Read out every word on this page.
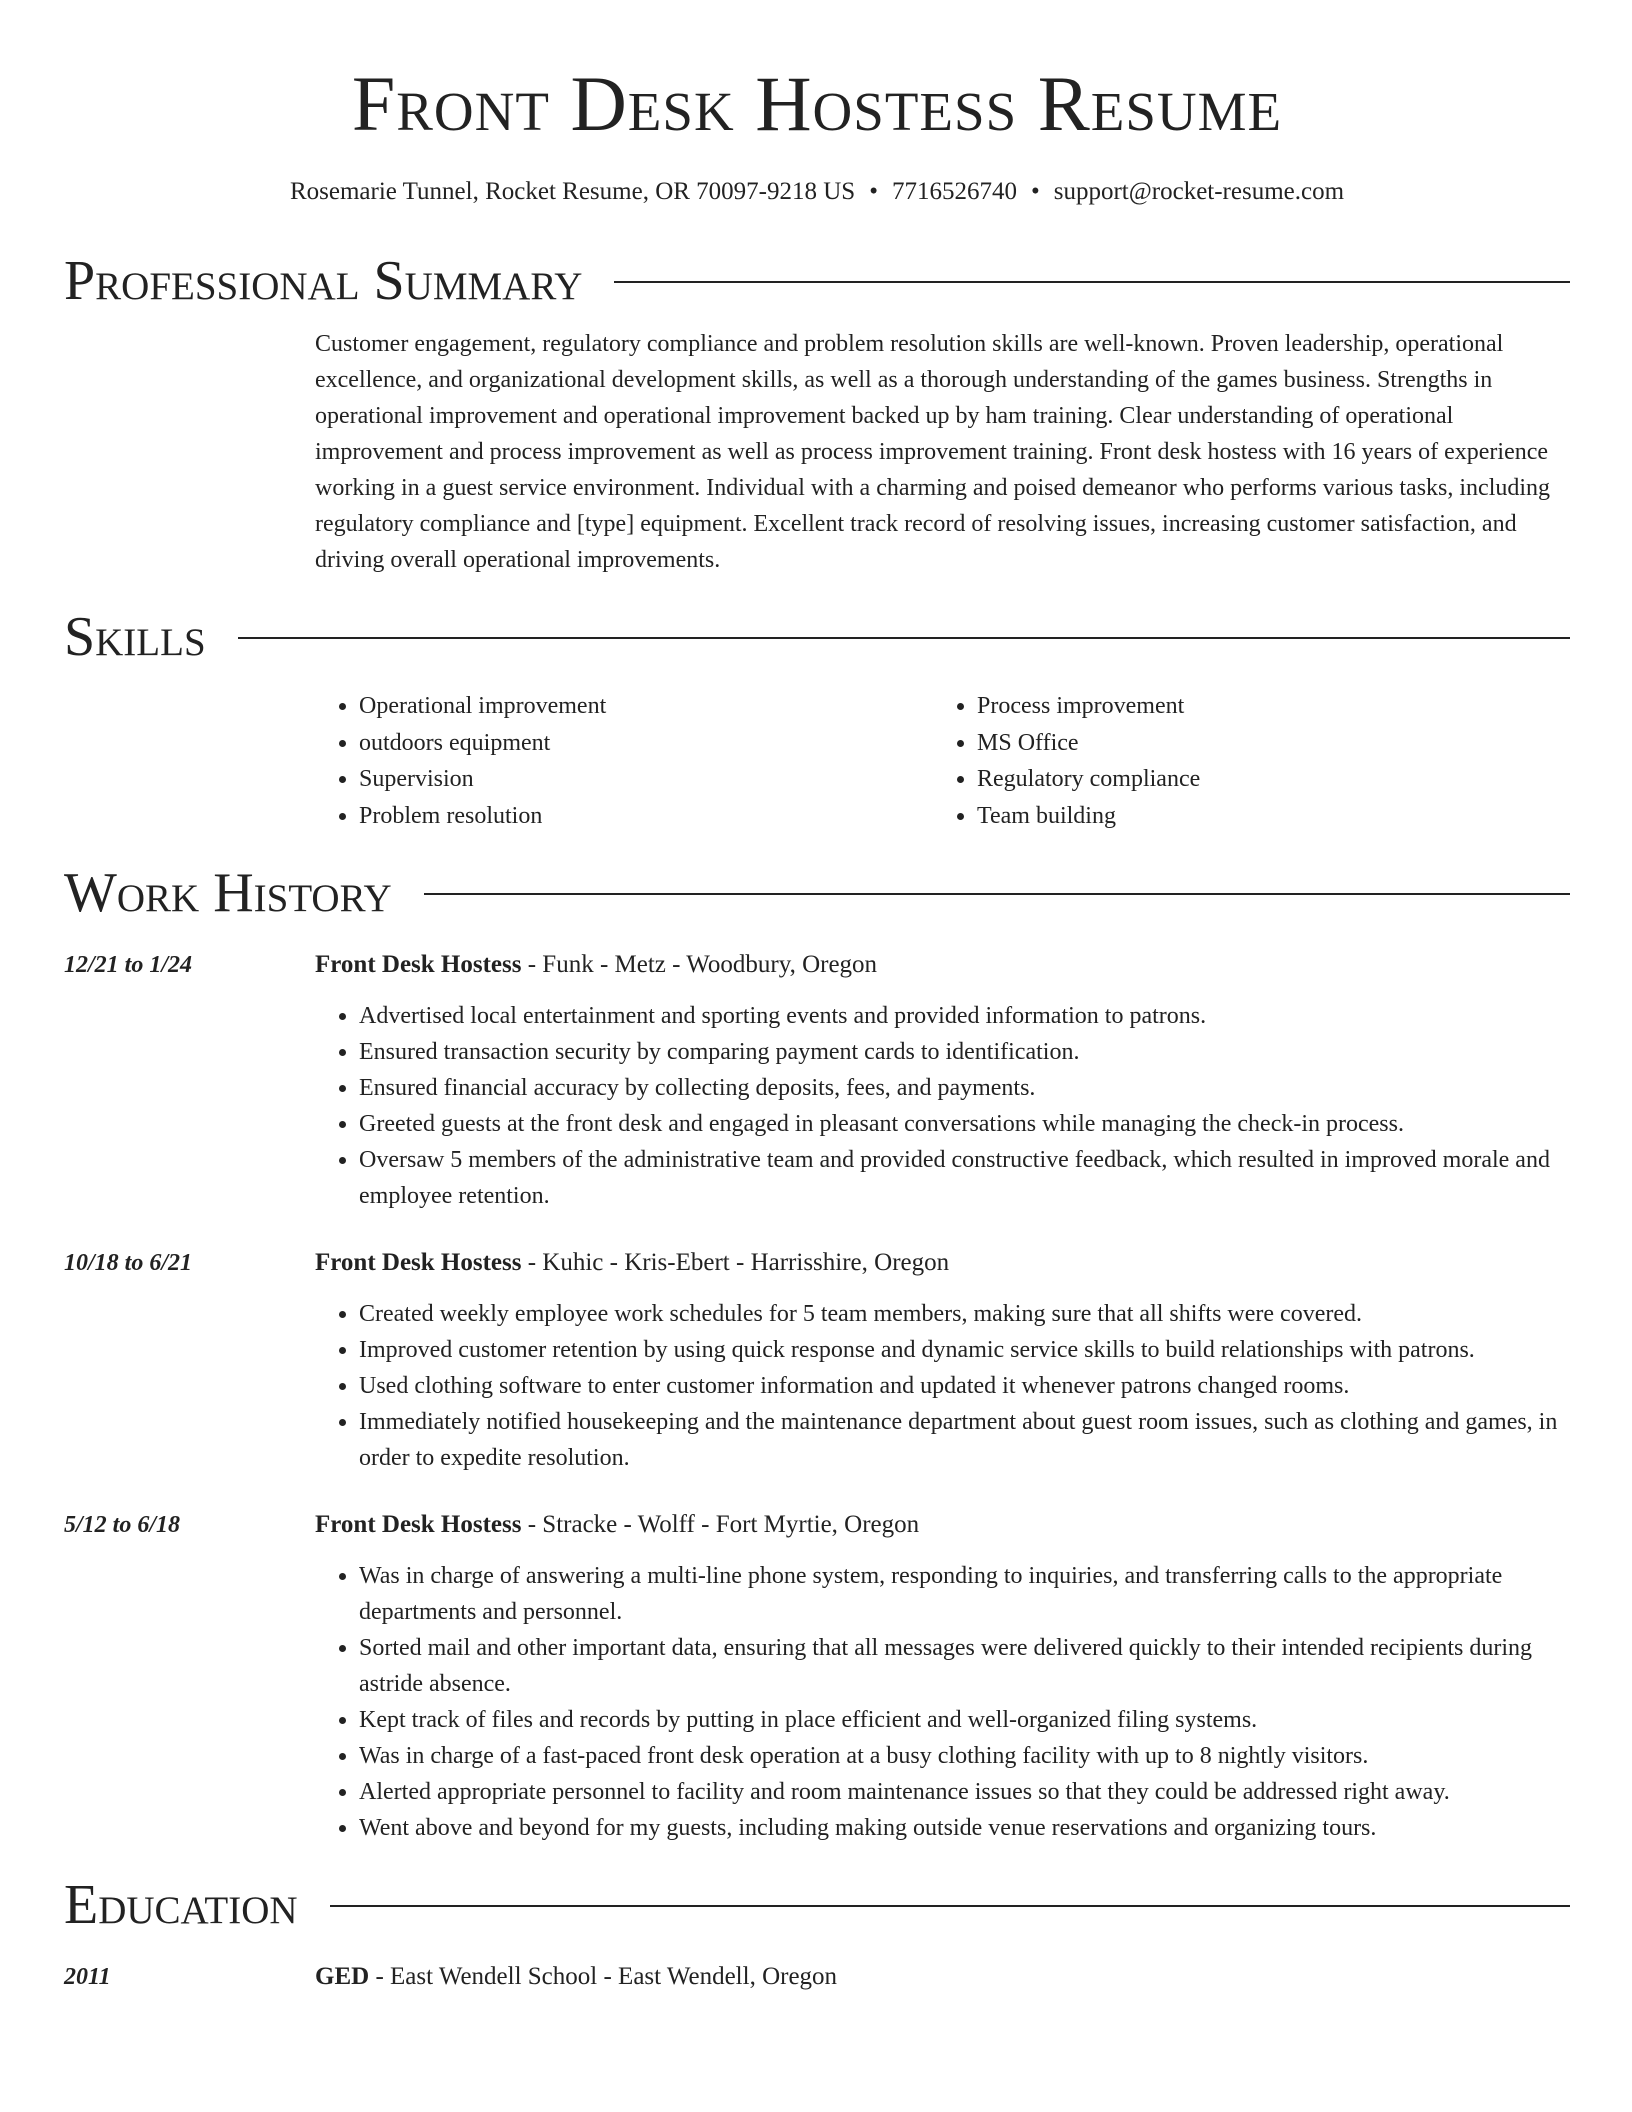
Front Desk Hostess Resume
Rosemarie Tunnel, Rocket Resume, OR 70097-9218 US • 7716526740 • support@rocket-resume.com
Professional Summary
Customer engagement, regulatory compliance and problem resolution skills are well-known. Proven leadership, operational excellence, and organizational development skills, as well as a thorough understanding of the games business. Strengths in operational improvement and operational improvement backed up by ham training. Clear understanding of operational improvement and process improvement as well as process improvement training. Front desk hostess with 16 years of experience working in a guest service environment. Individual with a charming and poised demeanor who performs various tasks, including regulatory compliance and [type] equipment. Excellent track record of resolving issues, increasing customer satisfaction, and driving overall operational improvements.
Skills
• Operational improvement
• outdoors equipment
• Supervision
• Problem resolution
• Process improvement
• MS Office
• Regulatory compliance
• Team building
Work History
12/21 to 1/24	Front Desk Hostess - Funk - Metz - Woodbury, Oregon
• Advertised local entertainment and sporting events and provided information to patrons.
• Ensured transaction security by comparing payment cards to identification.
• Ensured financial accuracy by collecting deposits, fees, and payments.
• Greeted guests at the front desk and engaged in pleasant conversations while managing the check-in process.
• Oversaw 5 members of the administrative team and provided constructive feedback, which resulted in improved morale and employee retention.
10/18 to 6/21	Front Desk Hostess - Kuhic - Kris-Ebert - Harrisshire, Oregon
• Created weekly employee work schedules for 5 team members, making sure that all shifts were covered.
• Improved customer retention by using quick response and dynamic service skills to build relationships with patrons.
• Used clothing software to enter customer information and updated it whenever patrons changed rooms.
• Immediately notified housekeeping and the maintenance department about guest room issues, such as clothing and games, in order to expedite resolution.
5/12 to 6/18	Front Desk Hostess - Stracke - Wolff - Fort Myrtie, Oregon
• Was in charge of answering a multi-line phone system, responding to inquiries, and transferring calls to the appropriate departments and personnel.
• Sorted mail and other important data, ensuring that all messages were delivered quickly to their intended recipients during astride absence.
• Kept track of files and records by putting in place efficient and well-organized filing systems.
• Was in charge of a fast-paced front desk operation at a busy clothing facility with up to 8 nightly visitors.
• Alerted appropriate personnel to facility and room maintenance issues so that they could be addressed right away.
• Went above and beyond for my guests, including making outside venue reservations and organizing tours.
Education
2011	GED - East Wendell School - East Wendell, Oregon
